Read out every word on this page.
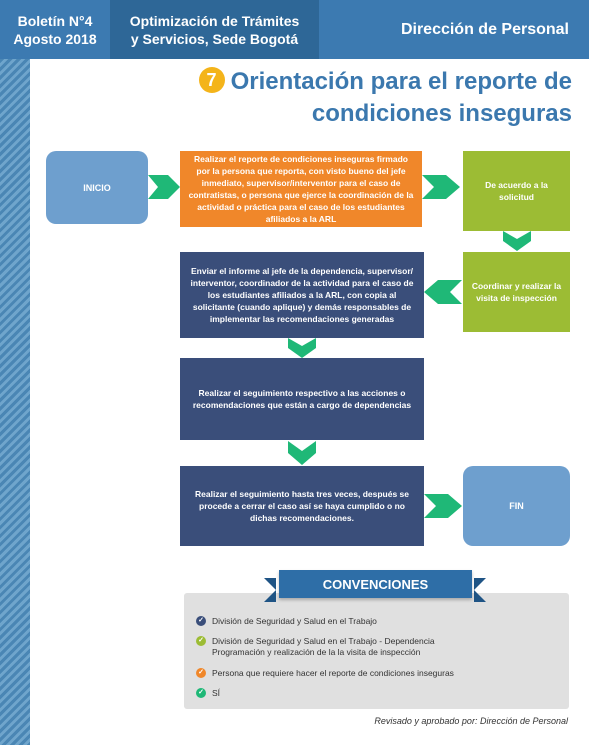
Boletín N°4
Agosto 2018
Optimización de Trámites
y Servicios, Sede Bogotá
Dirección de Personal
7 Orientación para el reporte de
condiciones inseguras
INICIO
Realizar el reporte de condiciones inseguras firmado por la persona que reporta, con visto bueno del jefe inmediato, supervisor/interventor para el caso de contratistas, o persona que ejerce la coordinación de la actividad o práctica para el caso de los estudiantes afiliados a la ARL
De acuerdo a la solicitud
Coordinar y realizar la visita de inspección
Enviar el informe al jefe de la dependencia, supervisor/ interventor, coordinador de la actividad para el caso de los estudiantes afiliados a la ARL, con copia al solicitante (cuando aplique) y demás responsables de implementar las recomendaciones generadas
Realizar el seguimiento respectivo a las acciones o recomendaciones que están a cargo de dependencias
Realizar el seguimiento hasta tres veces, después se procede a cerrar el caso así se haya cumplido o no dichas recomendaciones.
FIN
CONVENCIONES
✓ División de Seguridad y Salud en el Trabajo
✓ División de Seguridad y Salud en el Trabajo - Dependencia Programación y realización de la la visita de inspección
✓ Persona que requiere hacer el reporte de condiciones inseguras
✓ SÍ
Revisado y aprobado por: Dirección de Personal
